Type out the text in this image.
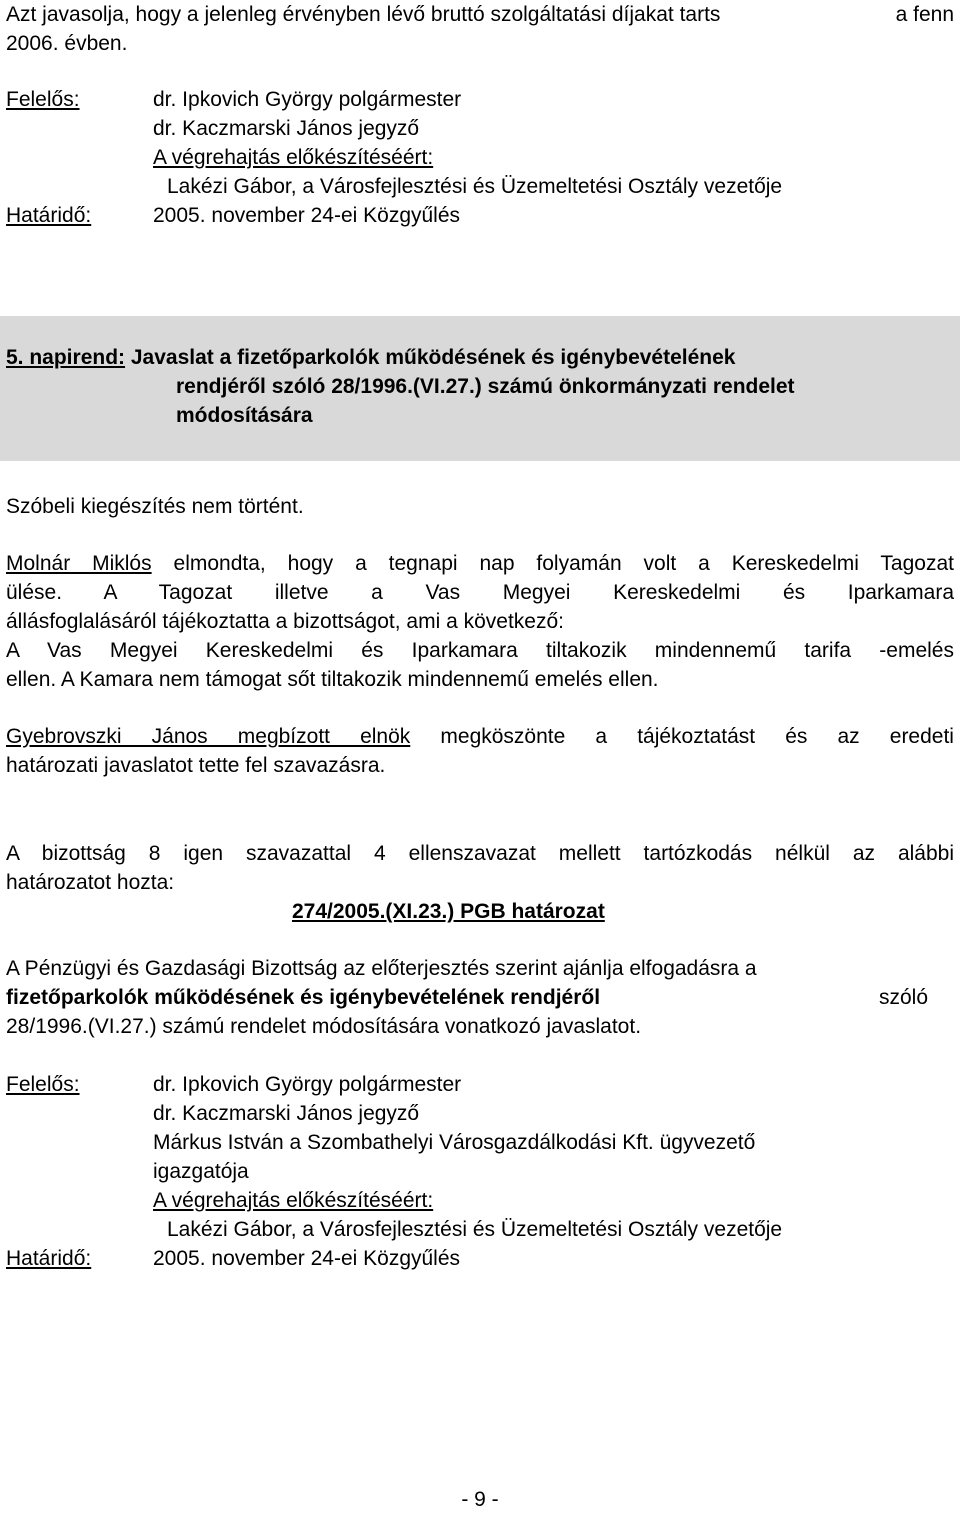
Azt javasolja, hogy a jelenleg érvényben lévő bruttó szolgáltatási díjakat tarts	a fenn
2006. évben.
Felelős:	dr. Ipkovich György polgármester
dr. Kaczmarski János jegyző
A végrehajtás előkészítéséért:
Lakézi Gábor, a Városfejlesztési és Üzemeltetési Osztály vezetője
Határidő:	2005. november 24-ei Közgyűlés
5. napirend: Javaslat a fizetőparkolók működésének és igénybevételének
rendjéről szóló 28/1996.(VI.27.) számú önkormányzati rendelet
módosítására
Szóbeli kiegészítés nem történt.
Molnár Miklós elmondta, hogy a tegnapi nap folyamán volt a Kereskedelmi Tagozat
ülése. A Tagozat illetve a Vas Megyei Kereskedelmi és Iparkamara
állásfoglalásáról tájékoztatta a bizottságot, ami a következő:
A Vas Megyei Kereskedelmi és Iparkamara tiltakozik mindennemű tarifa -emelés
ellen. A Kamara nem támogat sőt tiltakozik mindennemű emelés ellen.
Gyebrovszki János megbízott elnök megköszönte a tájékoztatást és az eredeti
határozati javaslatot tette fel szavazásra.
A bizottság 8 igen szavazattal 4 ellenszavazat mellett tartózkodás nélkül az alábbi
határozatot hozta:
274/2005.(XI.23.) PGB határozat
A Pénzügyi és Gazdasági Bizottság az előterjesztés szerint ajánlja elfogadásra a
fizetőparkolók működésének és igénybevételének rendjéről	szóló
28/1996.(VI.27.) számú rendelet módosítására vonatkozó javaslatot.
Felelős:	dr. Ipkovich György polgármester
dr. Kaczmarski János jegyző
Márkus István a Szombathelyi Városgazdálkodási Kft. ügyvezető
igazgatója
A végrehajtás előkészítéséért:
Lakézi Gábor, a Városfejlesztési és Üzemeltetési Osztály vezetője
Határidő:	2005. november 24-ei Közgyűlés
- 9 -
